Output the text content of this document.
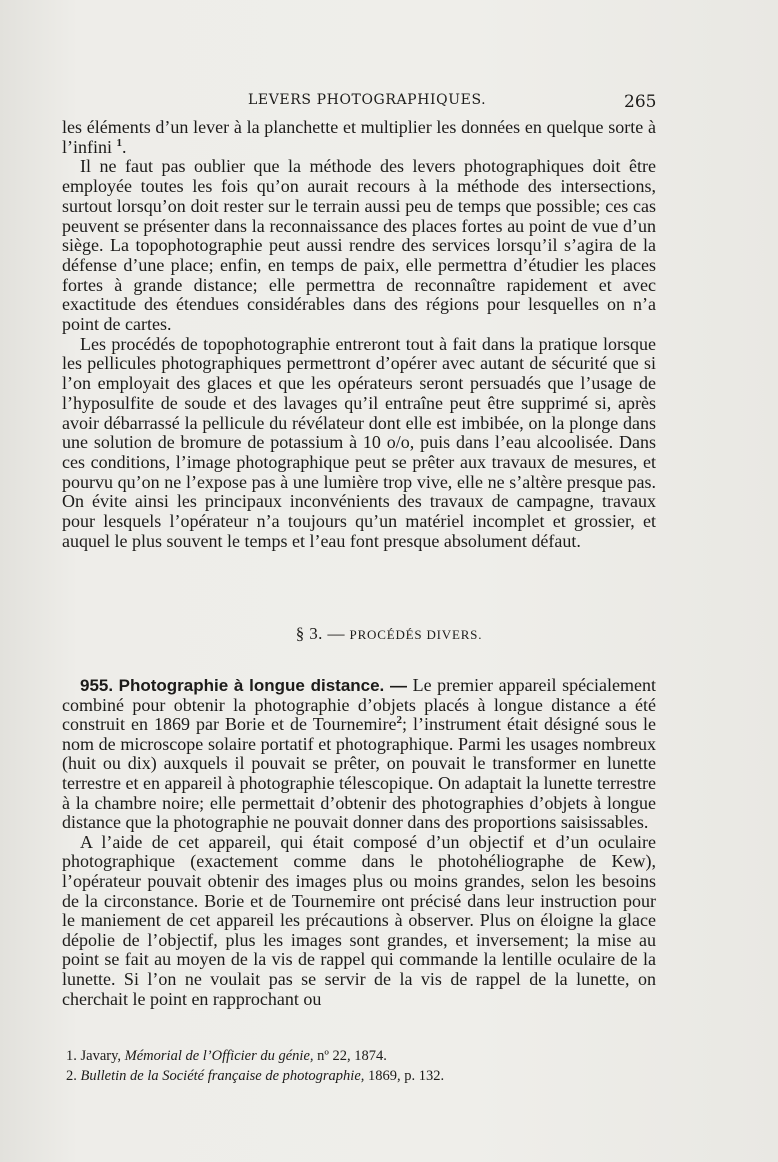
LEVERS PHOTOGRAPHIQUES.	265

les éléments d’un lever à la planchette et multiplier les données en quelque sorte à l’infini $^1$.

Il ne faut pas oublier que la méthode des levers photographiques doit être employée toutes les fois qu’on aurait recours à la méthode des intersections, surtout lorsqu’on doit rester sur le terrain aussi peu de temps que possible; ces cas peuvent se présenter dans la reconnaissance des places fortes au point de vue d’un siège. La topophotographie peut aussi rendre des services lorsqu’il s’agira de la défense d’une place; enfin, en temps de paix, elle permettra d’étudier les places fortes à grande distance; elle permettra de reconnaître rapidement et avec exactitude des étendues considérables dans des régions pour lesquelles on n’a point de cartes.

Les procédés de topophotographie entreront tout à fait dans la pratique lorsque les pellicules photographiques permettront d’opérer avec autant de sécurité que si l’on employait des glaces et que les opérateurs seront persuadés que l’usage de l’hyposulfite de soude et des lavages qu’il entraîne peut être supprimé si, après avoir débarrassé la pellicule du révélateur dont elle est imbibée, on la plonge dans une solution de bromure de potassium à 10 o/o, puis dans l’eau alcoolisée. Dans ces conditions, l’image photographique peut se prêter aux travaux de mesures, et pourvu qu’on ne l’expose pas à une lumière trop vive, elle ne s’altère presque pas. On évite ainsi les principaux inconvénients des travaux de campagne, travaux pour lesquels l’opérateur n’a toujours qu’un matériel incomplet et grossier, et auquel le plus souvent le temps et l’eau font presque absolument défaut.

§ 3. — PROCÉDÉS DIVERS.

955. Photographie à longue distance. — Le premier appareil spécialement combiné pour obtenir la photographie d’objets placés à longue distance a été construit en 1869 par Borie et de Tournemire$^2$; l’instrument était désigné sous le nom de microscope solaire portatif et photographique. Parmi les usages nombreux (huit ou dix) auxquels il pouvait se prêter, on pouvait le transformer en lunette terrestre et en appareil à photographie télescopique. On adaptait la lunette terrestre à la chambre noire; elle permettait d’obtenir des photographies d’objets à longue distance que la photographie ne pouvait donner dans des proportions saisissables.

A l’aide de cet appareil, qui était composé d’un objectif et d’un oculaire photographique (exactement comme dans le photohéliographe de Kew), l’opérateur pouvait obtenir des images plus ou moins grandes, selon les besoins de la circonstance. Borie et de Tournemire ont précisé dans leur instruction pour le maniement de cet appareil les précautions à observer. Plus on éloigne la glace dépolie de l’objectif, plus les images sont grandes, et inversement; la mise au point se fait au moyen de la vis de rappel qui commande la lentille oculaire de la lunette. Si l’on ne voulait pas se servir de la vis de rappel de la lunette, on cherchait le point en rapprochant ou

1. Javary, Mémorial de l’Officier du génie, nº 22, 1874.

2. Bulletin de la Société française de photographie, 1869, p. 132.
